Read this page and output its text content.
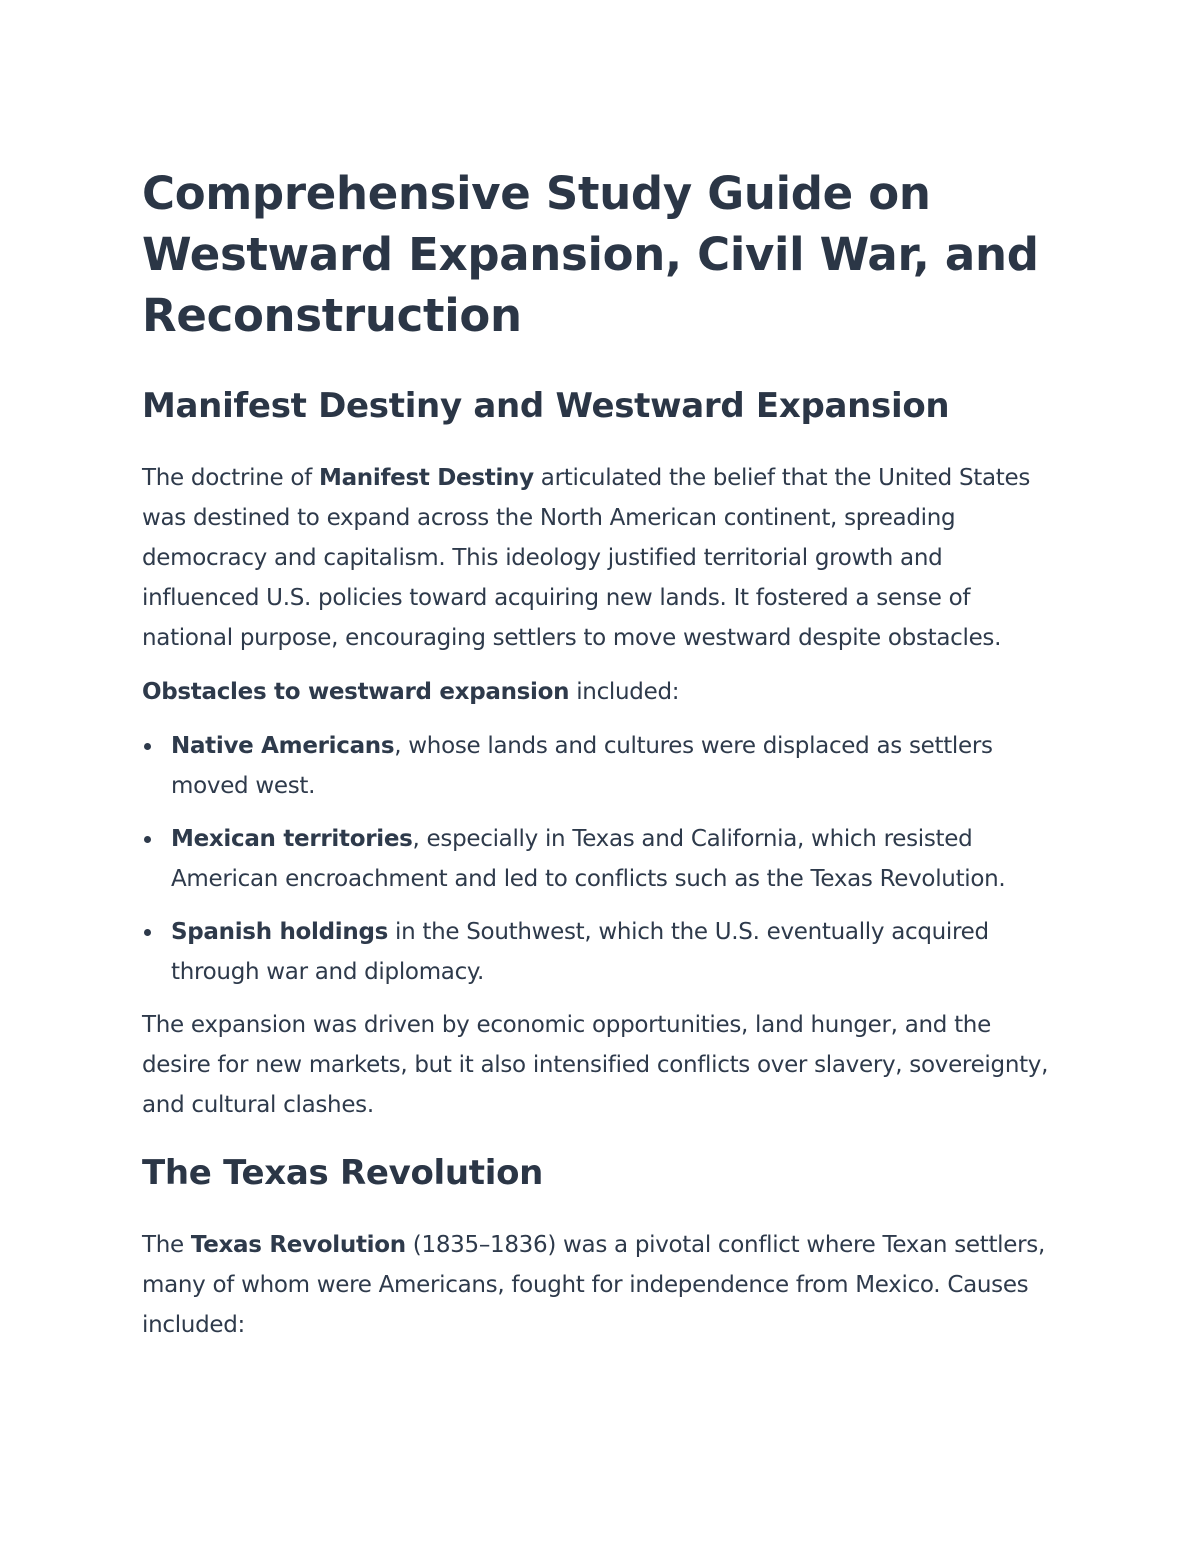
Comprehensive Study Guide on Westward Expansion, Civil War, and Reconstruction
Manifest Destiny and Westward Expansion

The doctrine of Manifest Destiny articulated the belief that the United States was destined to expand across the North American continent, spreading democracy and capitalism. This ideology justified territorial growth and influenced U.S. policies toward acquiring new lands. It fostered a sense of national purpose, encouraging settlers to move westward despite obstacles.

Obstacles to westward expansion included:

Native Americans, whose lands and cultures were displaced as settlers moved west.
Mexican territories, especially in Texas and California, which resisted American encroachment and led to conflicts such as the Texas Revolution.
Spanish holdings in the Southwest, which the U.S. eventually acquired through war and diplomacy.

The expansion was driven by economic opportunities, land hunger, and the desire for new markets, but it also intensified conflicts over slavery, sovereignty, and cultural clashes.

The Texas Revolution

The Texas Revolution (1835–1836) was a pivotal conflict where Texan settlers, many of whom were Americans, fought for independence from Mexico. Causes included:
